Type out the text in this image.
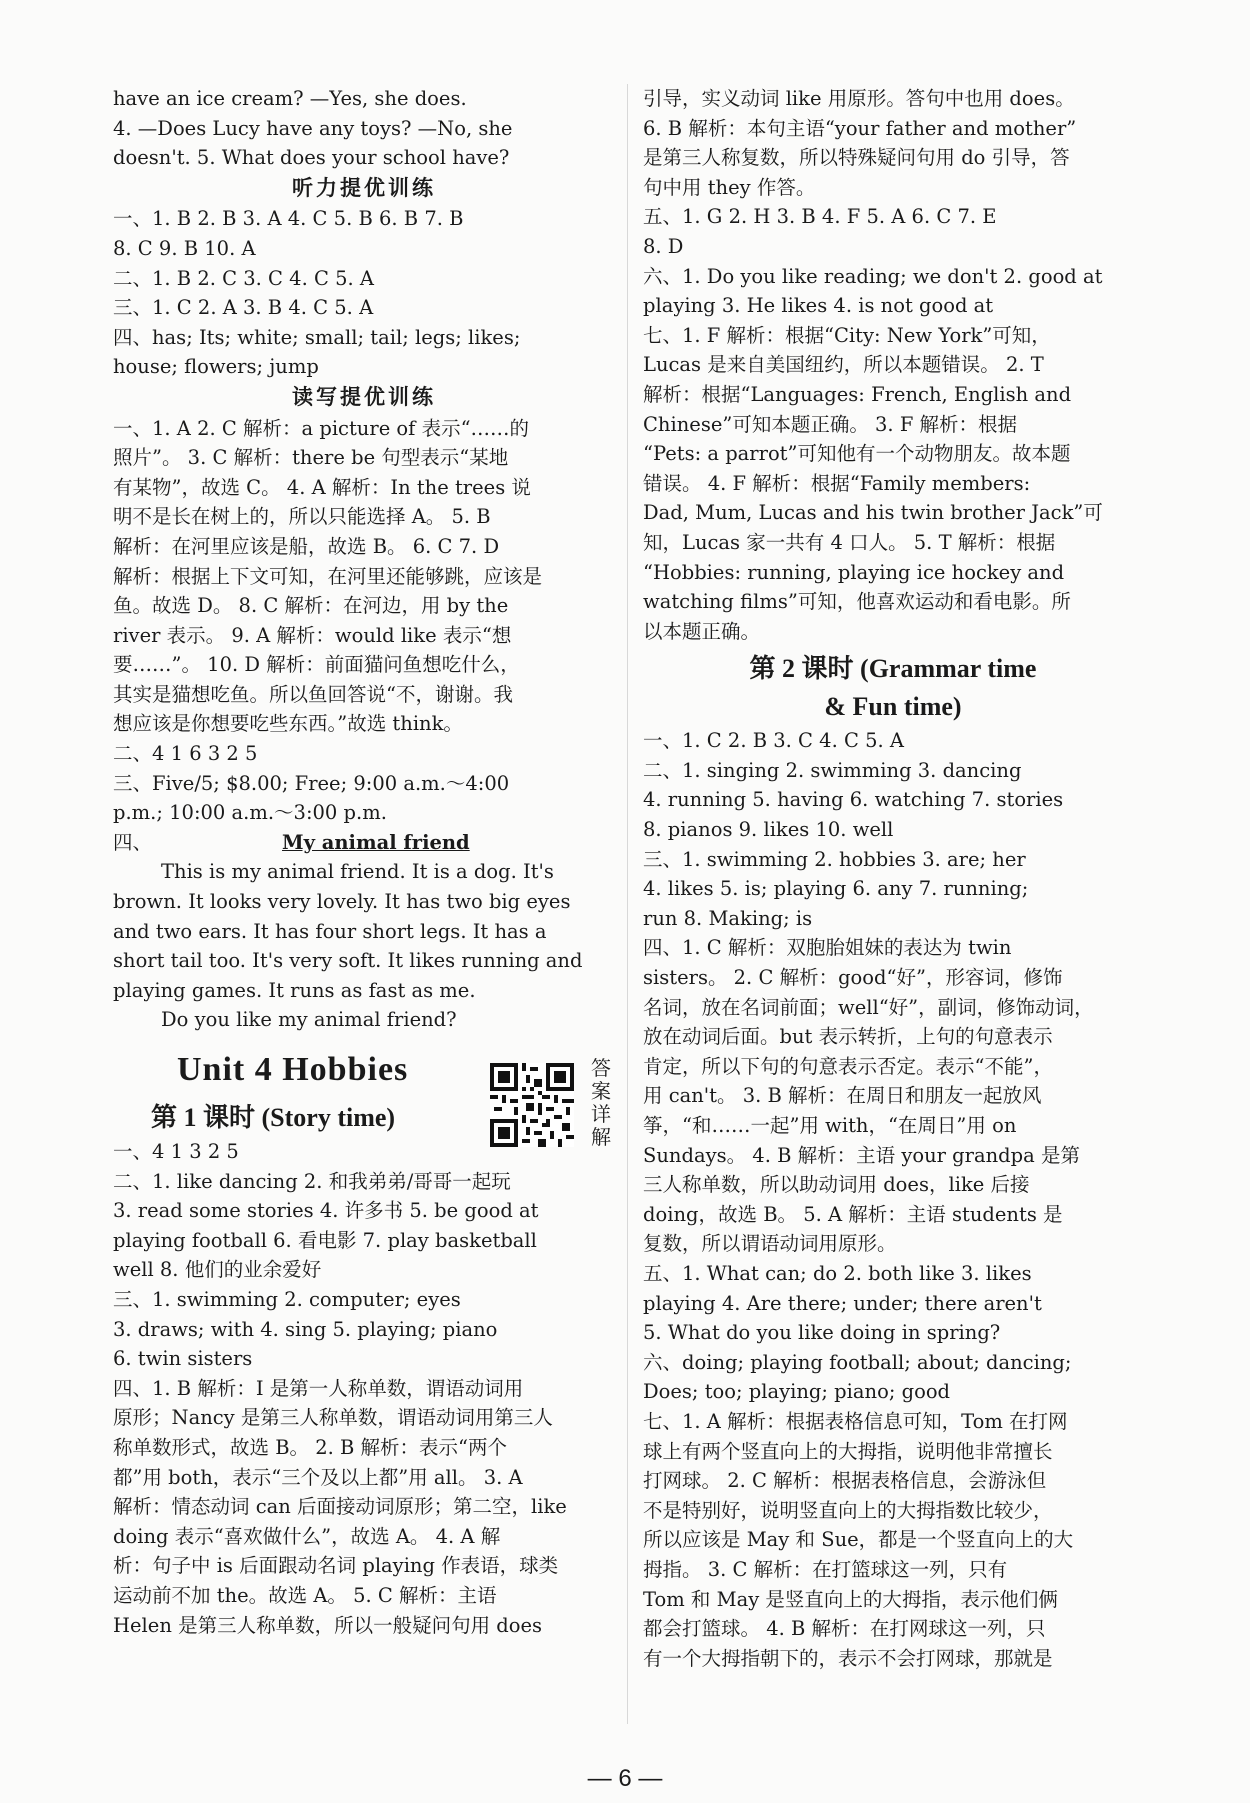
have an ice cream? —Yes, she does.
4. —Does Lucy have any toys? —No, she
doesn't. 5. What does your school have?
听力提优训练
一、1. B 2. B 3. A 4. C 5. B 6. B 7. B
8. C 9. B 10. A
二、1. B 2. C 3. C 4. C 5. A
三、1. C 2. A 3. B 4. C 5. A
四、has; Its; white; small; tail; legs; likes;
house; flowers; jump
读写提优训练
一、1. A 2. C 解析：a picture of 表示“……的
照片”。 3. C 解析：there be 句型表示“某地
有某物”，故选 C。 4. A 解析：In the trees 说
明不是长在树上的，所以只能选择 A。 5. B
解析：在河里应该是船，故选 B。 6. C 7. D
解析：根据上下文可知，在河里还能够跳，应该是
鱼。故选 D。 8. C 解析：在河边，用 by the
river 表示。 9. A 解析：would like 表示“想
要……”。 10. D 解析：前面猫问鱼想吃什么，
其实是猫想吃鱼。所以鱼回答说“不，谢谢。我
想应该是你想要吃些东西。”故选 think。
二、4 1 6 3 2 5
三、Five/5; $8.00; Free; 9:00 a.m.～4:00
p.m.; 10:00 a.m.～3:00 p.m.
四、	My animal friend
This is my animal friend. It is a dog. It's
brown. It looks very lovely. It has two big eyes
and two ears. It has four short legs. It has a
short tail too. It's very soft. It likes running and
playing games. It runs as fast as me.
Do you like my animal friend?
Unit 4 Hobbies
第 1 课时 (Story time)
一、4 1 3 2 5
二、1. like dancing 2. 和我弟弟/哥哥一起玩
3. read some stories 4. 许多书 5. be good at
playing football 6. 看电影 7. play basketball
well 8. 他们的业余爱好
三、1. swimming 2. computer; eyes
3. draws; with 4. sing 5. playing; piano
6. twin sisters
四、1. B 解析：I 是第一人称单数，谓语动词用
原形；Nancy 是第三人称单数，谓语动词用第三人
称单数形式，故选 B。 2. B 解析：表示“两个
都”用 both，表示“三个及以上都”用 all。 3. A
解析：情态动词 can 后面接动词原形；第二空，like
doing 表示“喜欢做什么”，故选 A。 4. A 解
析：句子中 is 后面跟动名词 playing 作表语，球类
运动前不加 the。故选 A。 5. C 解析：主语
Helen 是第三人称单数，所以一般疑问句用 does
答案详解
引导，实义动词 like 用原形。答句中也用 does。
6. B 解析：本句主语“your father and mother”
是第三人称复数，所以特殊疑问句用 do 引导，答
句中用 they 作答。
五、1. G 2. H 3. B 4. F 5. A 6. C 7. E
8. D
六、1. Do you like reading; we don't 2. good at
playing 3. He likes 4. is not good at
七、1. F 解析：根据“City: New York”可知，
Lucas 是来自美国纽约，所以本题错误。 2. T
解析：根据“Languages: French, English and
Chinese”可知本题正确。 3. F 解析：根据
“Pets: a parrot”可知他有一个动物朋友。故本题
错误。 4. F 解析：根据“Family members:
Dad, Mum, Lucas and his twin brother Jack”可
知，Lucas 家一共有 4 口人。 5. T 解析：根据
“Hobbies: running, playing ice hockey and
watching films”可知，他喜欢运动和看电影。所
以本题正确。
第 2 课时 (Grammar time
& Fun time)
一、1. C 2. B 3. C 4. C 5. A
二、1. singing 2. swimming 3. dancing
4. running 5. having 6. watching 7. stories
8. pianos 9. likes 10. well
三、1. swimming 2. hobbies 3. are; her
4. likes 5. is; playing 6. any 7. running;
run 8. Making; is
四、1. C 解析：双胞胎姐妹的表达为 twin
sisters。 2. C 解析：good“好”，形容词，修饰
名词，放在名词前面；well“好”，副词，修饰动词，
放在动词后面。but 表示转折，上句的句意表示
肯定，所以下句的句意表示否定。表示“不能”，
用 can't。 3. B 解析：在周日和朋友一起放风
筝，“和……一起”用 with，“在周日”用 on
Sundays。 4. B 解析：主语 your grandpa 是第
三人称单数，所以助动词用 does，like 后接
doing，故选 B。 5. A 解析：主语 students 是
复数，所以谓语动词用原形。
五、1. What can; do 2. both like 3. likes
playing 4. Are there; under; there aren't
5. What do you like doing in spring?
六、doing; playing football; about; dancing;
Does; too; playing; piano; good
七、1. A 解析：根据表格信息可知，Tom 在打网
球上有两个竖直向上的大拇指，说明他非常擅长
打网球。 2. C 解析：根据表格信息，会游泳但
不是特别好，说明竖直向上的大拇指数比较少，
所以应该是 May 和 Sue，都是一个竖直向上的大
拇指。 3. C 解析：在打篮球这一列，只有
Tom 和 May 是竖直向上的大拇指，表示他们俩
都会打篮球。 4. B 解析：在打网球这一列，只
有一个大拇指朝下的，表示不会打网球，那就是
— 6 —
